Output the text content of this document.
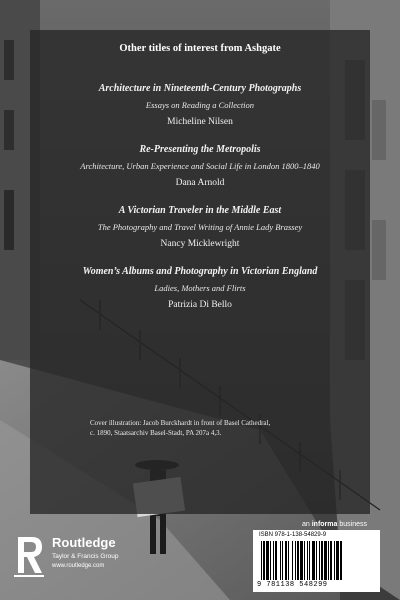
Other titles of interest from Ashgate
Architecture in Nineteenth-Century Photographs
Essays on Reading a Collection
Micheline Nilsen
Re-Presenting the Metropolis
Architecture, Urban Experience and Social Life in London 1800–1840
Dana Arnold
A Victorian Traveler in the Middle East
The Photography and Travel Writing of Annie Lady Brassey
Nancy Micklewright
Women’s Albums and Photography in Victorian England
Ladies, Mothers and Flirts
Patrizia Di Bello
Cover illustration: Jacob Burckhardt in front of Basel Cathedral,
c. 1890, Staatsarchiv Basel-Stadt, PA 207a 4,3.
Routledge
Taylor & Francis Group
www.routledge.com
an informa business
ISBN 978-1-138-54829-9
9 781138 548299
